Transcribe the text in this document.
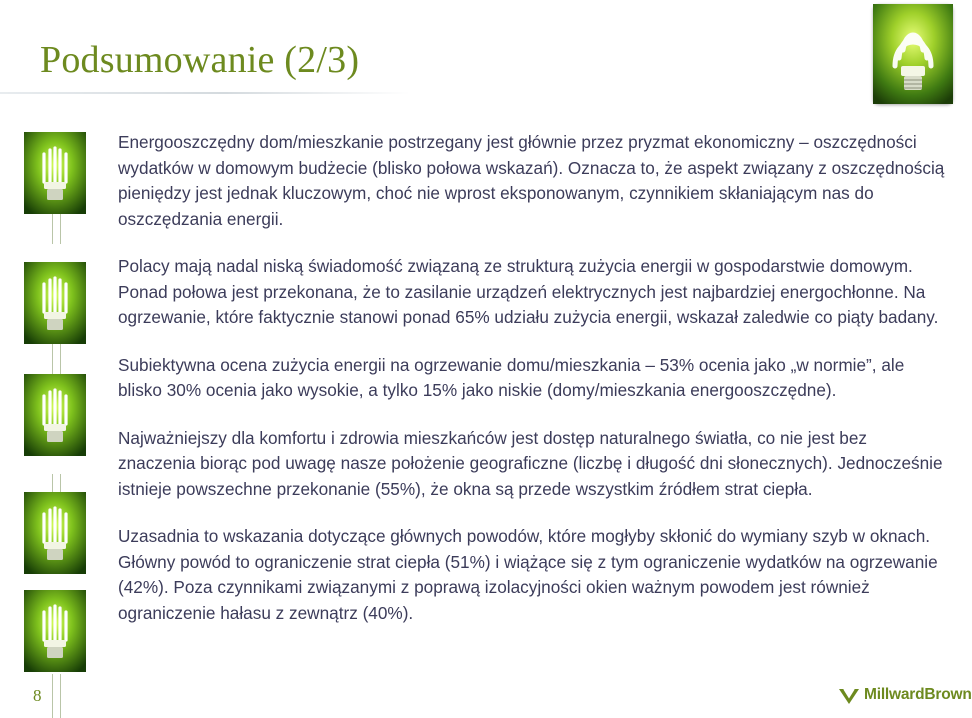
Podsumowanie (2/3)

Energooszczędny dom/mieszkanie postrzegany jest głównie przez pryzmat ekonomiczny – oszczędności wydatków w domowym budżecie (blisko połowa wskazań). Oznacza to, że aspekt związany z oszczędnością pieniędzy jest jednak kluczowym, choć nie wprost eksponowanym, czynnikiem skłaniającym nas do oszczędzania energii.

Polacy mają nadal niską świadomość związaną ze strukturą zużycia energii w gospodarstwie domowym. Ponad połowa jest przekonana, że to zasilanie urządzeń elektrycznych jest najbardziej energochłonne. Na ogrzewanie, które faktycznie stanowi ponad 65% udziału zużycia energii, wskazał zaledwie co piąty badany.

Subiektywna ocena zużycia energii na ogrzewanie domu/mieszkania – 53% ocenia jako „w normie”, ale blisko 30% ocenia jako wysokie, a tylko 15% jako niskie (domy/mieszkania energooszczędne).

Najważniejszy dla komfortu i zdrowia mieszkańców jest dostęp naturalnego światła, co nie jest bez znaczenia biorąc pod uwagę nasze położenie geograficzne (liczbę i długość dni słonecznych). Jednocześnie istnieje powszechne przekonanie (55%), że okna są przede wszystkim źródłem strat ciepła.

Uzasadnia to wskazania dotyczące głównych powodów, które mogłyby skłonić do wymiany szyb w oknach. Główny powód to ograniczenie strat ciepła (51%) i wiążące się z tym ograniczenie wydatków na ogrzewanie (42%). Poza czynnikami związanymi z poprawą izolacyjności okien ważnym powodem jest również ograniczenie hałasu z zewnątrz (40%).

8	MillwardBrown
